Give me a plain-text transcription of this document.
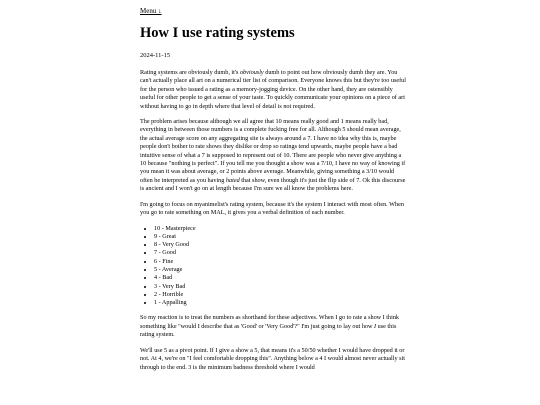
Menu ↓
How I use rating systems
2024-11-15

Rating systems are obviously dumb, it's obviously dumb to point out how obviously dumb they are. You can't actually place all art on a numerical tier list of comparison. Everyone knows this but they're too useful for the person who issued a rating as a memory-jogging device. On the other hand, they are ostensibly useful for other people to get a sense of your taste. To quickly communicate your opinions on a piece of art without having to go in depth where that level of detail is not required.

The problem arises because although we all agree that 10 means really good and 1 means really bad, everything in between those numbers is a complete fucking free for all. Although 5 should mean average, the actual average score on any aggregating site is always around a 7. I have no idea why this is, maybe people don't bother to rate shows they dislike or drop so ratings tend upwards, maybe people have a bad intuitive sense of what a 7 is supposed to represent out of 10. There are people who never give anything a 10 because "nothing is perfect". If you tell me you thought a show was a 7/10, I have no way of knowing if you mean it was about average, or 2 points above average. Meanwhile, giving something a 3/10 would often be interpreted as you having hated that show, even though it's just the flip side of 7. Ok this discourse is ancient and I won't go on at length because I'm sure we all know the problems here.

I'm going to focus on myanimelist's rating system, because it's the system I interact with most often. When you go to rate something on MAL, it gives you a verbal definition of each number.

• 10 - Masterpiece
• 9 - Great
• 8 - Very Good
• 7 - Good
• 6 - Fine
• 5 - Average
• 4 - Bad
• 3 - Very Bad
• 2 - Horrible
• 1 - Appalling

So my reaction is to treat the numbers as shorthand for these adjectives. When I go to rate a show I think something like "would I describe that as 'Good' or 'Very Good'?" I'm just going to lay out how I use this rating system.

We'll use 5 as a pivot point. If I give a show a 5, that means it's a 50/50 whether I would have dropped it or not. At 4, we're on "I feel comfortable dropping this". Anything below a 4 I would almost never actually sit through to the end. 3 is the minimum badness threshold where I would
